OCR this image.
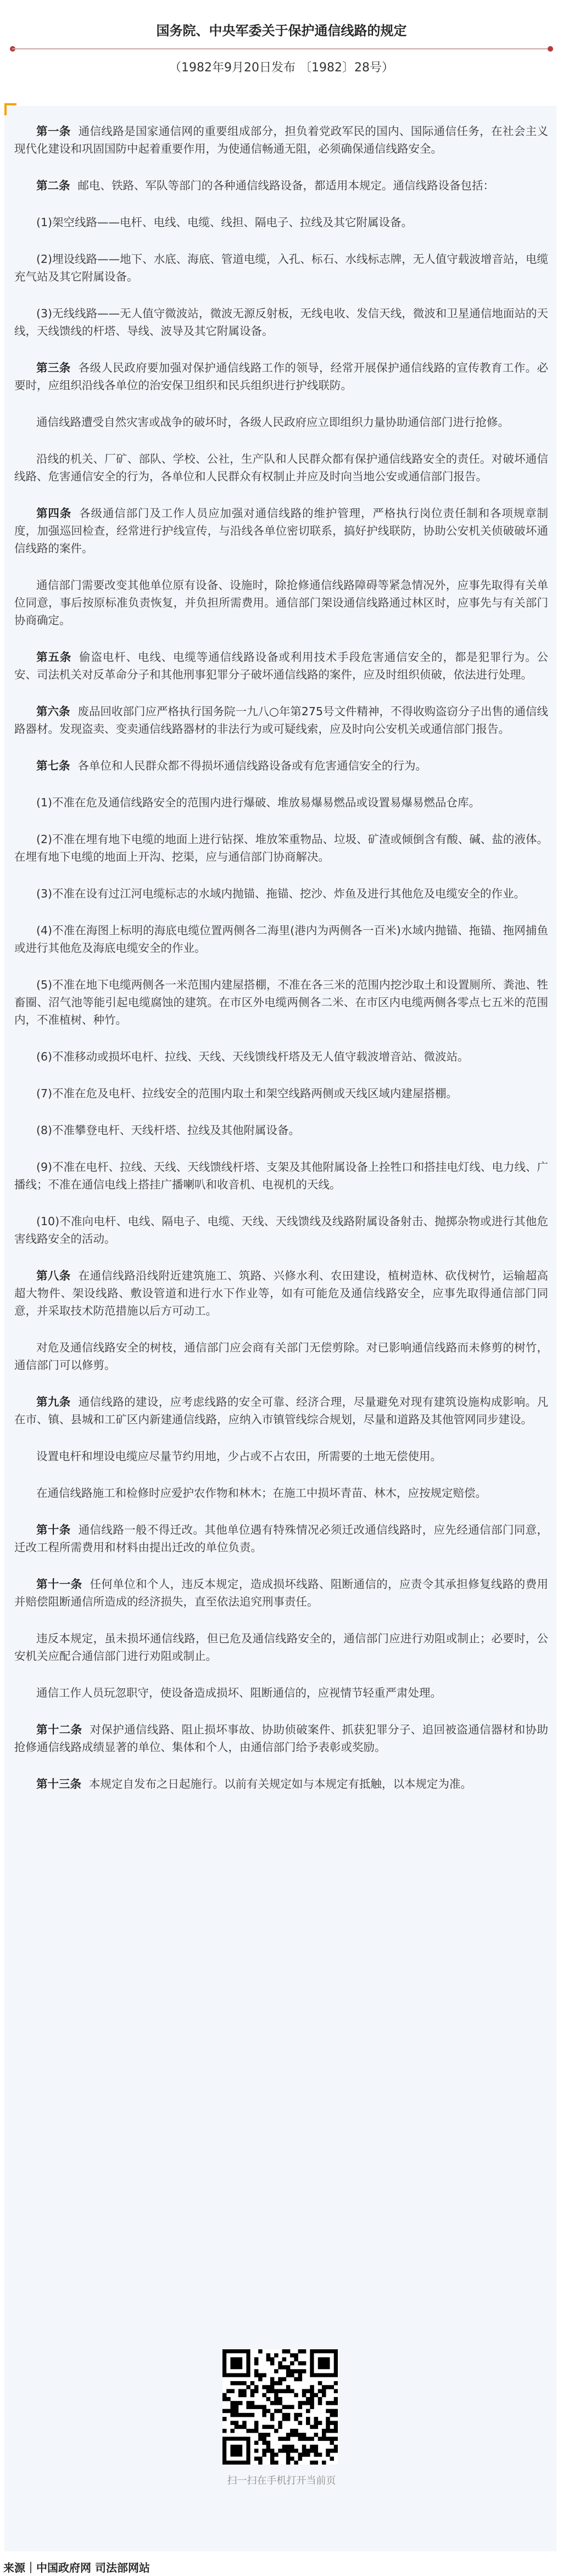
国务院、中央军委关于保护通信线路的规定
（1982年9月20日发布 〔1982〕28号）

第一条 通信线路是国家通信网的重要组成部分，担负着党政军民的国内、国际通信任务，在社会主义现代化建设和巩固国防中起着重要作用，为使通信畅通无阻，必须确保通信线路安全。

第二条 邮电、铁路、军队等部门的各种通信线路设备，都适用本规定。通信线路设备包括：

(1)架空线路——电杆、电线、电缆、线担、隔电子、拉线及其它附属设备。

(2)埋设线路——地下、水底、海底、管道电缆，入孔、标石、水线标志牌，无人值守载波增音站，电缆充气站及其它附属设备。

(3)无线线路——无人值守微波站，微波无源反射板，无线电收、发信天线，微波和卫星通信地面站的天线，天线馈线的杆塔、导线、波导及其它附属设备。

第三条 各级人民政府要加强对保护通信线路工作的领导，经常开展保护通信线路的宣传教育工作。必要时，应组织沿线各单位的治安保卫组织和民兵组织进行护线联防。

通信线路遭受自然灾害或战争的破坏时，各级人民政府应立即组织力量协助通信部门进行抢修。

沿线的机关、厂矿、部队、学校、公社，生产队和人民群众都有保护通信线路安全的责任。对破坏通信线路、危害通信安全的行为，各单位和人民群众有权制止并应及时向当地公安或通信部门报告。

第四条 各级通信部门及工作人员应加强对通信线路的维护管理，严格执行岗位责任制和各项规章制度，加强巡回检查，经常进行护线宣传，与沿线各单位密切联系，搞好护线联防，协助公安机关侦破破坏通信线路的案件。

通信部门需要改变其他单位原有设备、设施时，除抢修通信线路障碍等紧急情况外，应事先取得有关单位同意，事后按原标准负责恢复，并负担所需费用。通信部门架设通信线路通过林区时，应事先与有关部门协商确定。

第五条 偷盗电杆、电线、电缆等通信线路设备或利用技术手段危害通信安全的，都是犯罪行为。公安、司法机关对反革命分子和其他刑事犯罪分子破坏通信线路的案件，应及时组织侦破，依法进行处理。

第六条 废品回收部门应严格执行国务院一九八○年第275号文件精神，不得收购盗窃分子出售的通信线路器材。发现盗卖、变卖通信线路器材的非法行为或可疑线索，应及时向公安机关或通信部门报告。

第七条 各单位和人民群众都不得损坏通信线路设备或有危害通信安全的行为。

(1)不准在危及通信线路安全的范围内进行爆破、堆放易爆易燃品或设置易爆易燃品仓库。

(2)不准在埋有地下电缆的地面上进行钻探、堆放笨重物品、垃圾、矿渣或倾倒含有酸、碱、盐的液体。在埋有地下电缆的地面上开沟、挖渠，应与通信部门协商解决。

(3)不准在设有过江河电缆标志的水域内抛锚、拖锚、挖沙、炸鱼及进行其他危及电缆安全的作业。

(4)不准在海图上标明的海底电缆位置两侧各二海里(港内为两侧各一百米)水域内抛锚、拖锚、拖网捕鱼或进行其他危及海底电缆安全的作业。

(5)不准在地下电缆两侧各一米范围内建屋搭棚，不准在各三米的范围内挖沙取土和设置厕所、粪池、牲畜圈、沼气池等能引起电缆腐蚀的建筑。在市区外电缆两侧各二米、在市区内电缆两侧各零点七五米的范围内，不准植树、种竹。

(6)不准移动或损坏电杆、拉线、天线、天线馈线杆塔及无人值守载波增音站、微波站。

(7)不准在危及电杆、拉线安全的范围内取土和架空线路两侧或天线区域内建屋搭棚。

(8)不准攀登电杆、天线杆塔、拉线及其他附属设备。

(9)不准在电杆、拉线、天线、天线馈线杆塔、支架及其他附属设备上拴牲口和搭挂电灯线、电力线、广播线；不准在通信电线上搭挂广播喇叭和收音机、电视机的天线。

(10)不准向电杆、电线、隔电子、电缆、天线、天线馈线及线路附属设备射击、抛掷杂物或进行其他危害线路安全的活动。

第八条 在通信线路沿线附近建筑施工、筑路、兴修水利、农田建设，植树造林、砍伐树竹，运输超高超大物件、架设线路、敷设管道和进行水下作业等，如有可能危及通信线路安全，应事先取得通信部门同意，并采取技术防范措施以后方可动工。

对危及通信线路安全的树枝，通信部门应会商有关部门无偿剪除。对已影响通信线路而未修剪的树竹，通信部门可以修剪。

第九条 通信线路的建设，应考虑线路的安全可靠、经济合理，尽量避免对现有建筑设施构成影响。凡在市、镇、县城和工矿区内新建通信线路，应纳入市镇管线综合规划，尽量和道路及其他管网同步建设。

设置电杆和埋设电缆应尽量节约用地，少占或不占农田，所需要的土地无偿使用。

在通信线路施工和检修时应爱护农作物和林木；在施工中损坏青苗、林木，应按规定赔偿。

第十条 通信线路一般不得迁改。其他单位遇有特殊情况必须迁改通信线路时，应先经通信部门同意，迁改工程所需费用和材料由提出迁改的单位负责。

第十一条 任何单位和个人，违反本规定，造成损坏线路、阻断通信的，应责令其承担修复线路的费用并赔偿阻断通信所造成的经济损失，直至依法追究刑事责任。

违反本规定，虽未损坏通信线路，但已危及通信线路安全的，通信部门应进行劝阻或制止；必要时，公安机关应配合通信部门进行劝阻或制止。

通信工作人员玩忽职守，使设备造成损坏、阻断通信的，应视情节轻重严肃处理。

第十二条 对保护通信线路、阻止损坏事故、协助侦破案件、抓获犯罪分子、追回被盗通信器材和协助抢修通信线路成绩显著的单位、集体和个人，由通信部门给予表彰或奖励。

第十三条 本规定自发布之日起施行。以前有关规定如与本规定有抵触，以本规定为准。

扫一扫在手机打开当前页
来源｜中国政府网 司法部网站
